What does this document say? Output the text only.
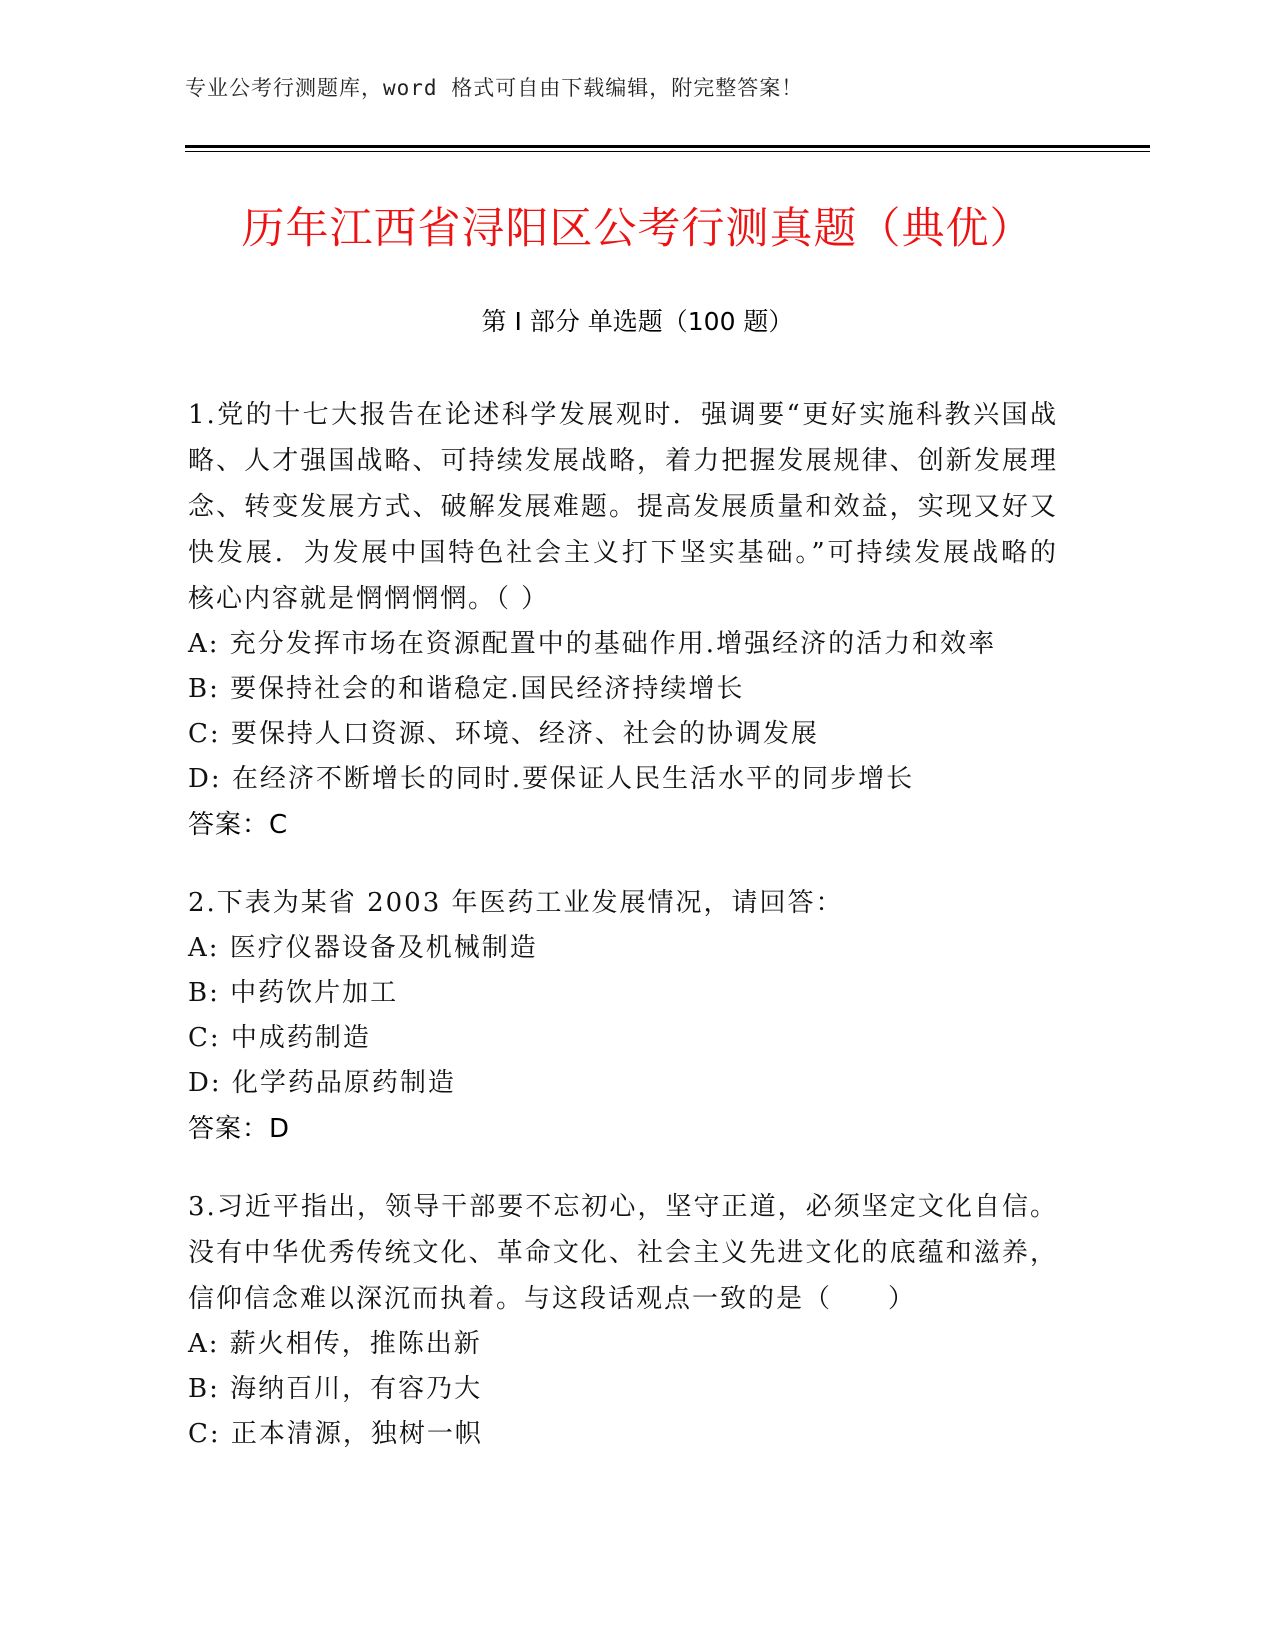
专业公考行测题库，word 格式可自由下载编辑，附完整答案！
历年江西省浔阳区公考行测真题（典优）
第 I 部分 单选题（100 题）

1.党的十七大报告在论述科学发展观时．强调要“更好实施科教兴国战略、人才强国战略、可持续发展战略，着力把握发展规律、创新发展理念、转变发展方式、破解发展难题。提高发展质量和效益，实现又好又快发展．为发展中国特色社会主义打下坚实基础。”可持续发展战略的核心内容就是惘惘惘惘。（ ）

A: 充分发挥市场在资源配置中的基础作用.增强经济的活力和效率

B: 要保持社会的和谐稳定.国民经济持续增长

C: 要保持人口资源、环境、经济、社会的协调发展

D: 在经济不断增长的同时.要保证人民生活水平的同步增长

答案：C

2.下表为某省 2003 年医药工业发展情况，请回答：

A: 医疗仪器设备及机械制造

B: 中药饮片加工

C: 中成药制造

D: 化学药品原药制造

答案：D

3.习近平指出，领导干部要不忘初心，坚守正道，必须坚定文化自信。没有中华优秀传统文化、革命文化、社会主义先进文化的底蕴和滋养，信仰信念难以深沉而执着。与这段话观点一致的是（　　）

A: 薪火相传，推陈出新

B: 海纳百川，有容乃大

C: 正本清源，独树一帜
